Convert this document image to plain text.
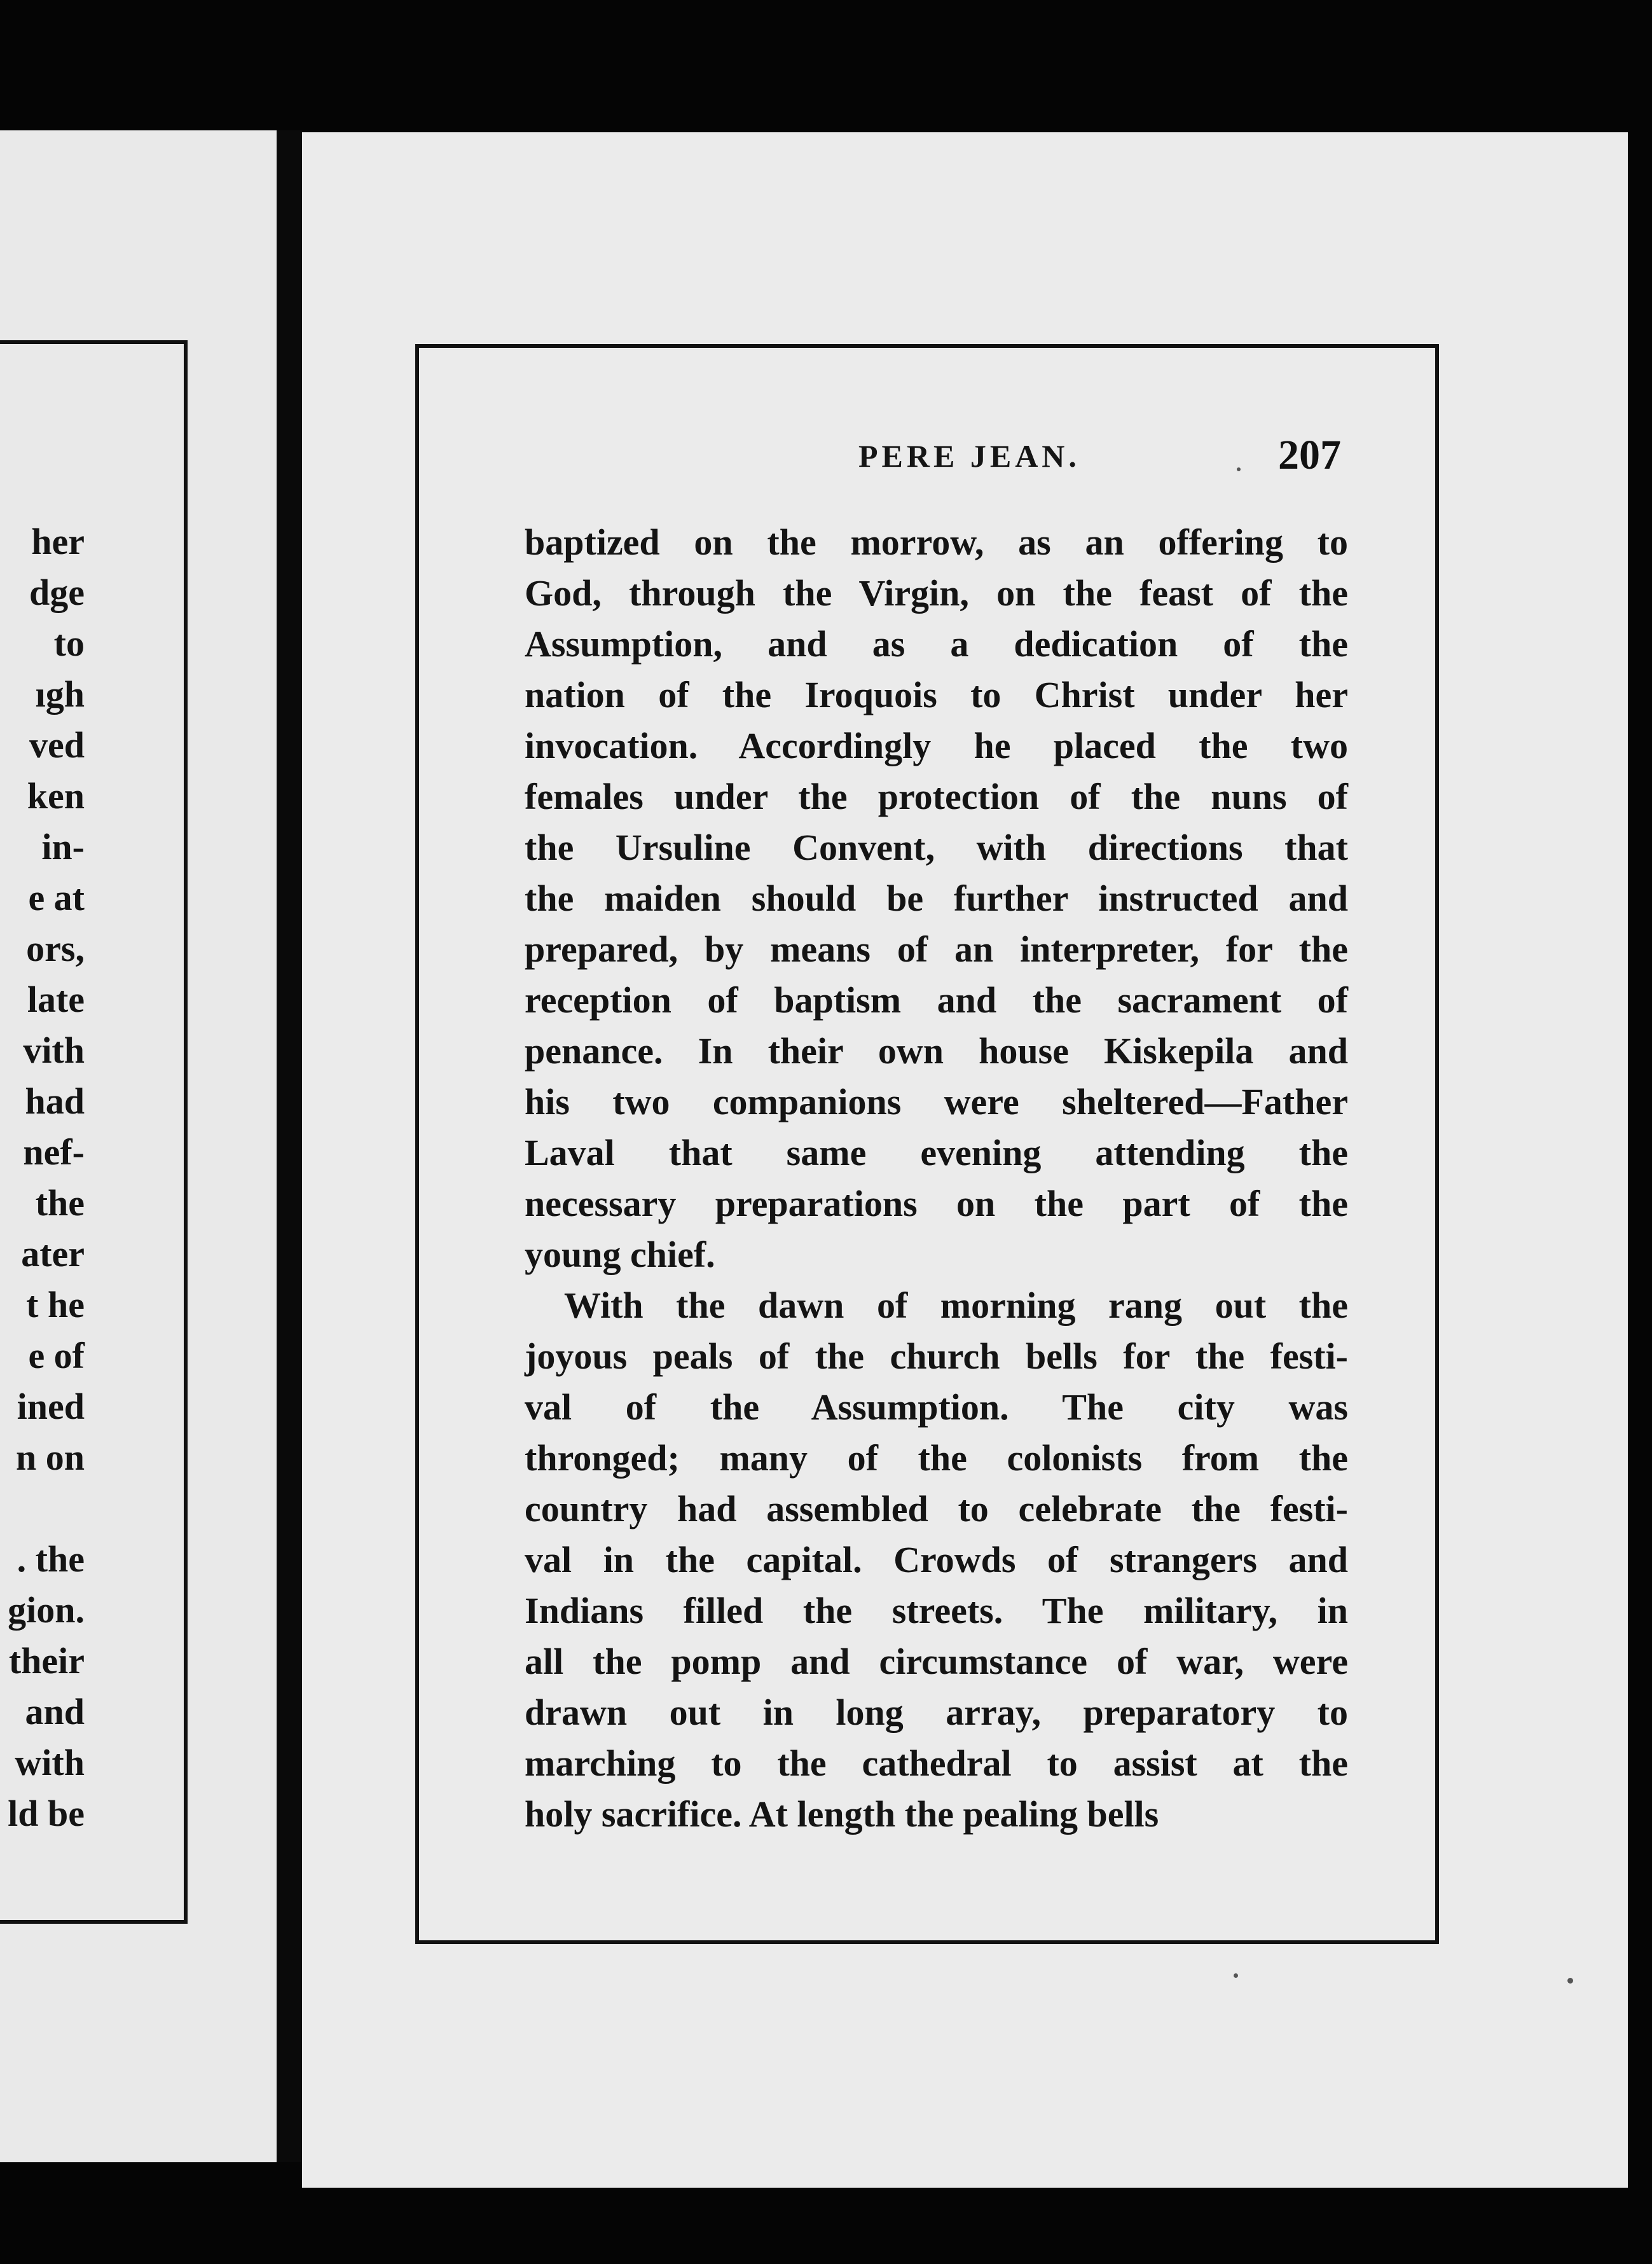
her
dge
to
ıgh
ved
ken
in-
e at
ors,
late
vith
had
nef-
the
ater
t he
e of
ined
n on
. the
gion.
their
and
with
ld be
PERE JEAN.	207
baptized on the morrow, as an offering to
God, through the Virgin, on the feast of the
Assumption, and as a dedication of the
nation of the Iroquois to Christ under her
invocation. Accordingly he placed the two
females under the protection of the nuns of
the Ursuline Convent, with directions that
the maiden should be further instructed and
prepared, by means of an interpreter, for the
reception of baptism and the sacrament of
penance. In their own house Kiskepila and
his two companions were sheltered—Father
Laval that same evening attending the
necessary preparations on the part of the
young chief.
With the dawn of morning rang out the
joyous peals of the church bells for the festi-
val of the Assumption. The city was
thronged; many of the colonists from the
country had assembled to celebrate the festi-
val in the capital. Crowds of strangers and
Indians filled the streets. The military, in
all the pomp and circumstance of war, were
drawn out in long array, preparatory to
marching to the cathedral to assist at the
holy sacrifice. At length the pealing bells
